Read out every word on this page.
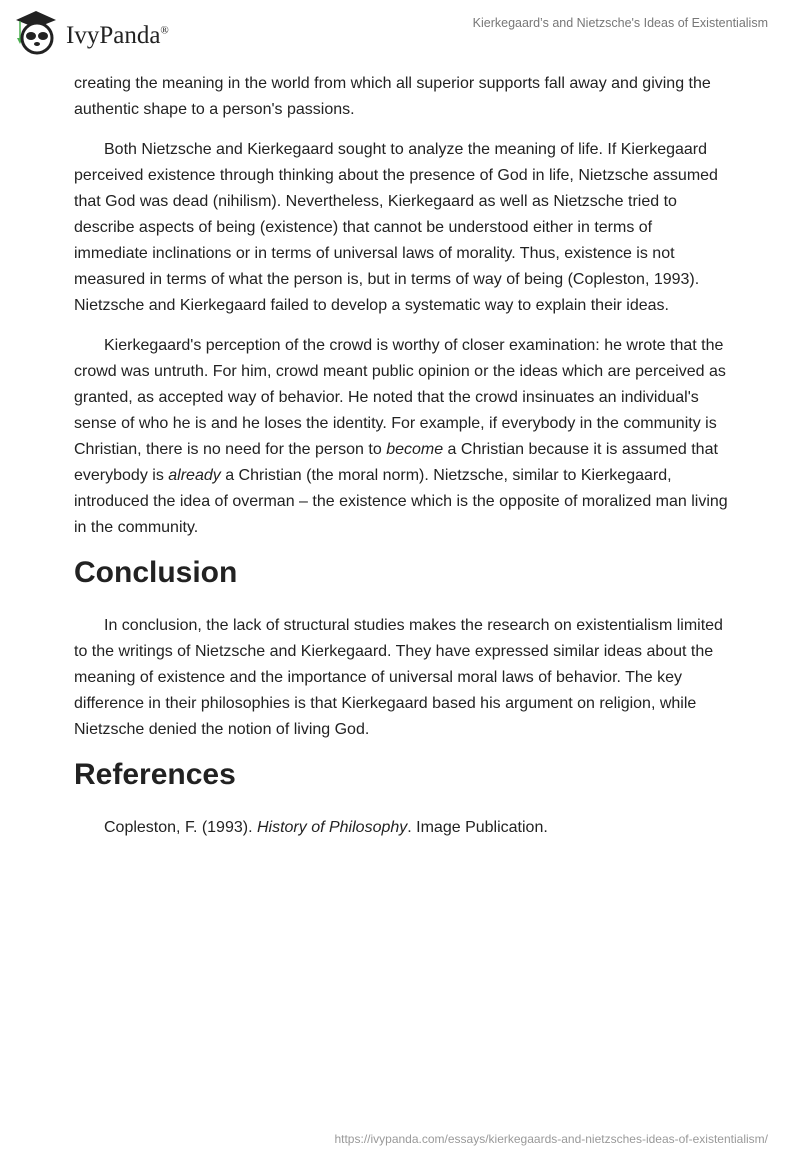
IvyPanda®
Kierkegaard’s and Nietzsche's Ideas of Existentialism

creating the meaning in the world from which all superior supports fall away and giving the authentic shape to a person's passions.

Both Nietzsche and Kierkegaard sought to analyze the meaning of life. If Kierkegaard perceived existence through thinking about the presence of God in life, Nietzsche assumed that God was dead (nihilism). Nevertheless, Kierkegaard as well as Nietzsche tried to describe aspects of being (existence) that cannot be understood either in terms of immediate inclinations or in terms of universal laws of morality. Thus, existence is not measured in terms of what the person is, but in terms of way of being (Copleston, 1993). Nietzsche and Kierkegaard failed to develop a systematic way to explain their ideas.

Kierkegaard's perception of the crowd is worthy of closer examination: he wrote that the crowd was untruth. For him, crowd meant public opinion or the ideas which are perceived as granted, as accepted way of behavior. He noted that the crowd insinuates an individual's sense of who he is and he loses the identity. For example, if everybody in the community is Christian, there is no need for the person to become a Christian because it is assumed that everybody is already a Christian (the moral norm). Nietzsche, similar to Kierkegaard, introduced the idea of overman – the existence which is the opposite of moralized man living in the community.

Conclusion

In conclusion, the lack of structural studies makes the research on existentialism limited to the writings of Nietzsche and Kierkegaard. They have expressed similar ideas about the meaning of existence and the importance of universal moral laws of behavior. The key difference in their philosophies is that Kierkegaard based his argument on religion, while Nietzsche denied the notion of living God.

References

Copleston, F. (1993). History of Philosophy. Image Publication.

https://ivypanda.com/essays/kierkegaards-and-nietzsches-ideas-of-existentialism/
